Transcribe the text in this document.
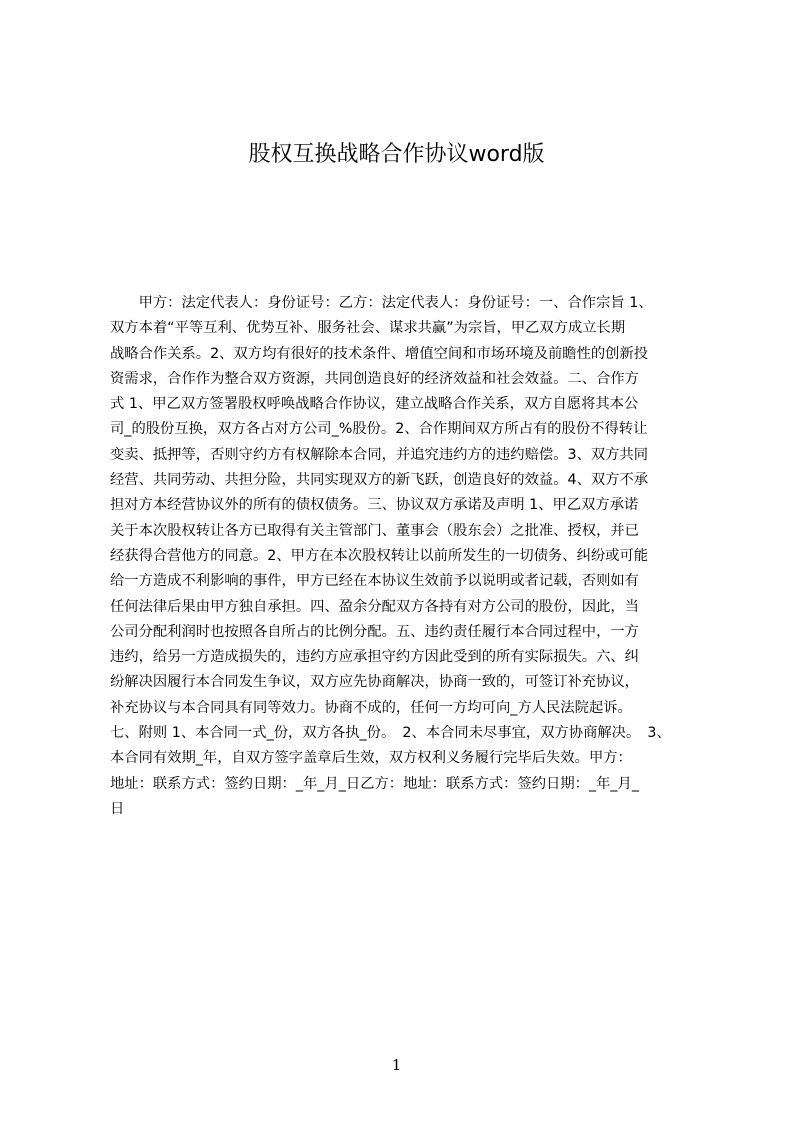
股权互换战略合作协议word版
　　甲方：法定代表人：身份证号：乙方：法定代表人：身份证号：一、合作宗旨 1、
双方本着“平等互利、优势互补、服务社会、谋求共赢”为宗旨，甲乙双方成立长期
战略合作关系。2、双方均有很好的技术条件、增值空间和市场环境及前瞻性的创新投
资需求，合作作为整合双方资源，共同创造良好的经济效益和社会效益。二、合作方
式 1、甲乙双方签署股权呼唤战略合作协议，建立战略合作关系，双方自愿将其本公
司_的股份互换，双方各占对方公司_%股份。2、合作期间双方所占有的股份不得转让
变卖、抵押等，否则守约方有权解除本合同，并追究违约方的违约赔偿。3、双方共同
经营、共同劳动、共担分险，共同实现双方的新飞跃，创造良好的效益。4、双方不承
担对方本经营协议外的所有的债权债务。三、协议双方承诺及声明 1、甲乙双方承诺
关于本次股权转让各方已取得有关主管部门、董事会（股东会）之批准、授权，并已
经获得合营他方的同意。2、甲方在本次股权转让以前所发生的一切债务、纠纷或可能
给一方造成不利影响的事件，甲方已经在本协议生效前予以说明或者记载，否则如有
任何法律后果由甲方独自承担。四、盈余分配双方各持有对方公司的股份，因此，当
公司分配利润时也按照各自所占的比例分配。五、违约责任履行本合同过程中，一方
违约，给另一方造成损失的，违约方应承担守约方因此受到的所有实际损失。六、纠
纷解决因履行本合同发生争议，双方应先协商解决，协商一致的，可签订补充协议，
补充协议与本合同具有同等效力。协商不成的，任何一方均可向_方人民法院起诉。
七、附则 1、本合同一式_份，双方各执_份。　2、本合同未尽事宜，双方协商解决。　3、
本合同有效期_年，自双方签字盖章后生效，双方权利义务履行完毕后失效。甲方：
地址：联系方式：签约日期：_年_月_日乙方：地址：联系方式：签约日期：_年_月_
日
1
